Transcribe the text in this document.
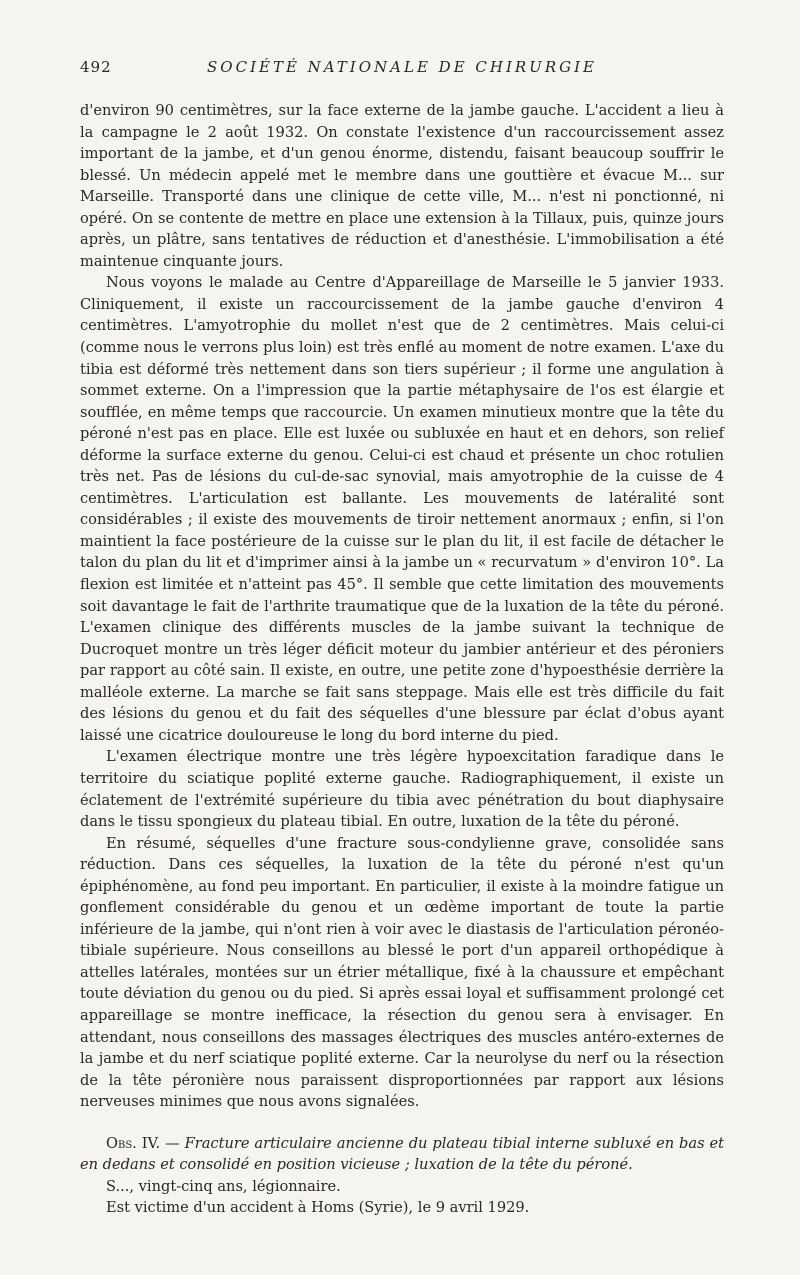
492	SOCIÉTÉ NATIONALE DE CHIRURGIE

d'environ 90 centimètres, sur la face externe de la jambe gauche. L'accident a lieu à la campagne le 2 août 1932. On constate l'existence d'un raccourcissement assez important de la jambe, et d'un genou énorme, distendu, faisant beaucoup souffrir le blessé. Un médecin appelé met le membre dans une gouttière et évacue M... sur Marseille. Transporté dans une clinique de cette ville, M... n'est ni ponctionné, ni opéré. On se contente de mettre en place une extension à la Tillaux, puis, quinze jours après, un plâtre, sans tentatives de réduction et d'anesthésie. L'immobilisation a été maintenue cinquante jours.

Nous voyons le malade au Centre d'Appareillage de Marseille le 5 janvier 1933. Cliniquement, il existe un raccourcissement de la jambe gauche d'environ 4 centimètres. L'amyotrophie du mollet n'est que de 2 centimètres. Mais celui-ci (comme nous le verrons plus loin) est très enflé au moment de notre examen. L'axe du tibia est déformé très nettement dans son tiers supérieur ; il forme une angulation à sommet externe. On a l'impression que la partie métaphysaire de l'os est élargie et soufflée, en même temps que raccourcie. Un examen minutieux montre que la tête du péroné n'est pas en place. Elle est luxée ou subluxée en haut et en dehors, son relief déforme la surface externe du genou. Celui-ci est chaud et présente un choc rotulien très net. Pas de lésions du cul-de-sac synovial, mais amyotrophie de la cuisse de 4 centimètres. L'articulation est ballante. Les mouvements de latéralité sont considérables ; il existe des mouvements de tiroir nettement anormaux ; enfin, si l'on maintient la face postérieure de la cuisse sur le plan du lit, il est facile de détacher le talon du plan du lit et d'imprimer ainsi à la jambe un « recurvatum » d'environ 10°. La flexion est limitée et n'atteint pas 45°. Il semble que cette limitation des mouvements soit davantage le fait de l'arthrite traumatique que de la luxation de la tête du péroné. L'examen clinique des différents muscles de la jambe suivant la technique de Ducroquet montre un très léger déficit moteur du jambier antérieur et des péroniers par rapport au côté sain. Il existe, en outre, une petite zone d'hypoesthésie derrière la malléole externe. La marche se fait sans steppage. Mais elle est très difficile du fait des lésions du genou et du fait des séquelles d'une blessure par éclat d'obus ayant laissé une cicatrice douloureuse le long du bord interne du pied.

L'examen électrique montre une très légère hypoexcitation faradique dans le territoire du sciatique poplité externe gauche. Radiographiquement, il existe un éclatement de l'extrémité supérieure du tibia avec pénétration du bout diaphysaire dans le tissu spongieux du plateau tibial. En outre, luxation de la tête du péroné.

En résumé, séquelles d'une fracture sous-condylienne grave, consolidée sans réduction. Dans ces séquelles, la luxation de la tête du péroné n'est qu'un épiphénomène, au fond peu important. En particulier, il existe à la moindre fatigue un gonflement considérable du genou et un œdème important de toute la partie inférieure de la jambe, qui n'ont rien à voir avec le diastasis de l'articulation péronéo-tibiale supérieure. Nous conseillons au blessé le port d'un appareil orthopédique à attelles latérales, montées sur un étrier métallique, fixé à la chaussure et empêchant toute déviation du genou ou du pied. Si après essai loyal et suffisamment prolongé cet appareillage se montre inefficace, la résection du genou sera à envisager. En attendant, nous conseillons des massages électriques des muscles antéro-externes de la jambe et du nerf sciatique poplité externe. Car la neurolyse du nerf ou la résection de la tête péronière nous paraissent disproportionnées par rapport aux lésions nerveuses minimes que nous avons signalées.

Obs. IV. — Fracture articulaire ancienne du plateau tibial interne subluxé en bas et en dedans et consolidé en position vicieuse ; luxation de la tête du péroné.

S..., vingt-cinq ans, légionnaire.

Est victime d'un accident à Homs (Syrie), le 9 avril 1929.
